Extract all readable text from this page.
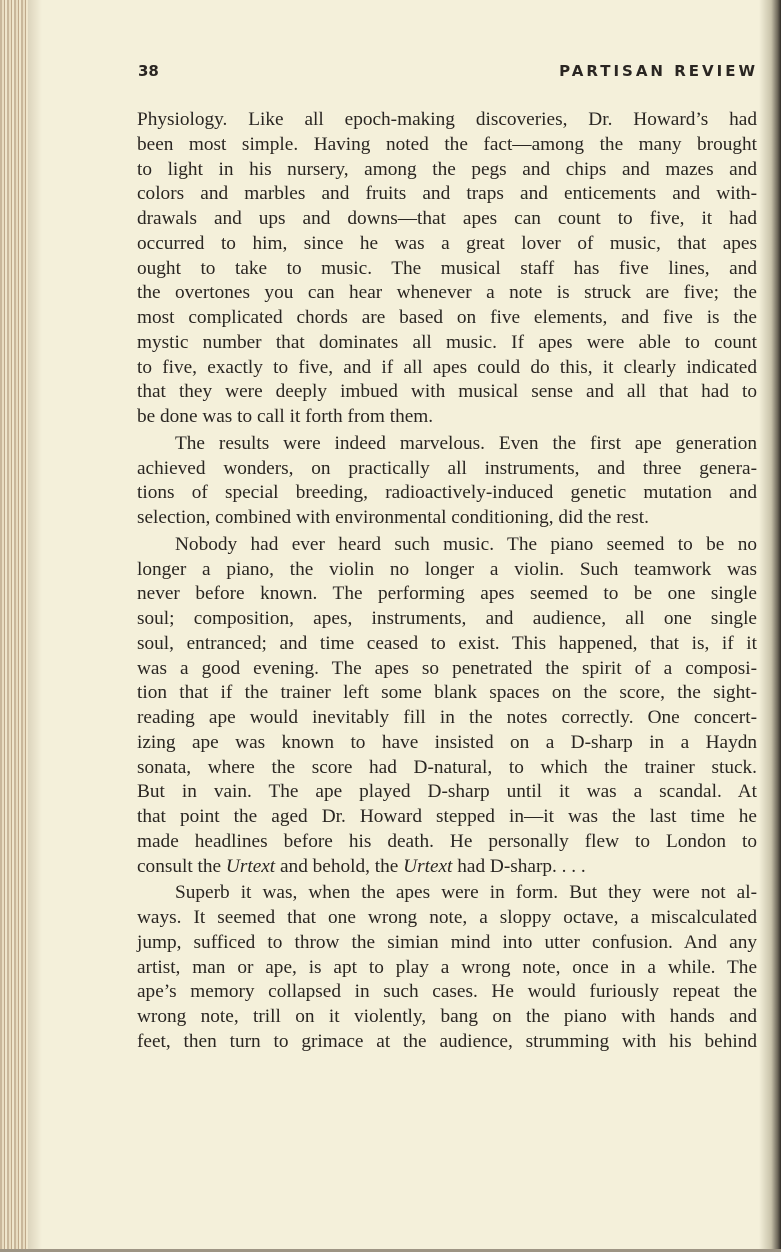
38	PARTISAN REVIEW
Physiology. Like all epoch-making discoveries, Dr. Howard’s had
been most simple. Having noted the fact—among the many brought
to light in his nursery, among the pegs and chips and mazes and
colors and marbles and fruits and traps and enticements and with-
drawals and ups and downs—that apes can count to five, it had
occurred to him, since he was a great lover of music, that apes
ought to take to music. The musical staff has five lines, and
the overtones you can hear whenever a note is struck are five; the
most complicated chords are based on five elements, and five is the
mystic number that dominates all music. If apes were able to count
to five, exactly to five, and if all apes could do this, it clearly indicated
that they were deeply imbued with musical sense and all that had to
be done was to call it forth from them.
The results were indeed marvelous. Even the first ape generation
achieved wonders, on practically all instruments, and three genera-
tions of special breeding, radioactively-induced genetic mutation and
selection, combined with environmental conditioning, did the rest.
Nobody had ever heard such music. The piano seemed to be no
longer a piano, the violin no longer a violin. Such teamwork was
never before known. The performing apes seemed to be one single
soul; composition, apes, instruments, and audience, all one single
soul, entranced; and time ceased to exist. This happened, that is, if it
was a good evening. The apes so penetrated the spirit of a composi-
tion that if the trainer left some blank spaces on the score, the sight-
reading ape would inevitably fill in the notes correctly. One concert-
izing ape was known to have insisted on a D-sharp in a Haydn
sonata, where the score had D-natural, to which the trainer stuck.
But in vain. The ape played D-sharp until it was a scandal. At
that point the aged Dr. Howard stepped in—it was the last time he
made headlines before his death. He personally flew to London to
consult the Urtext and behold, the Urtext had D-sharp. . . .
Superb it was, when the apes were in form. But they were not al-
ways. It seemed that one wrong note, a sloppy octave, a miscalculated
jump, sufficed to throw the simian mind into utter confusion. And any
artist, man or ape, is apt to play a wrong note, once in a while. The
ape’s memory collapsed in such cases. He would furiously repeat the
wrong note, trill on it violently, bang on the piano with hands and
feet, then turn to grimace at the audience, strumming with his behind
